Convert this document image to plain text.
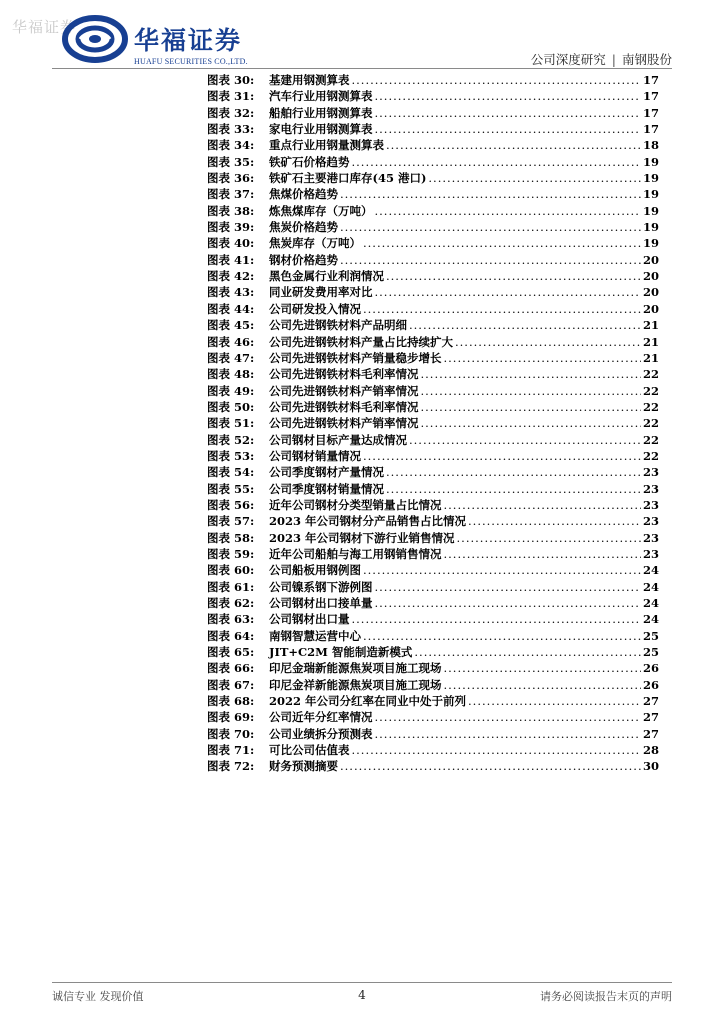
华福证券 华福证券
HUAFU SECURITIES CO.,LTD.	公司深度研究 | 南钢股份
图表 30:	基建用钢测算表 .....	17
图表 31:	汽车行业用钢测算表 .....	17
图表 32:	船舶行业用钢测算表 .....	17
图表 33:	家电行业用钢测算表 .....	17
图表 34:	重点行业用钢量测算表 .....	18
图表 35:	铁矿石价格趋势 .....	19
图表 36:	铁矿石主要港口库存(45 港口) .....	19
图表 37:	焦煤价格趋势 .....	19
图表 38:	炼焦煤库存（万吨） .....	19
图表 39:	焦炭价格趋势 .....	19
图表 40:	焦炭库存（万吨） .....	19
图表 41:	钢材价格趋势 .....	20
图表 42:	黑色金属行业利润情况 .....	20
图表 43:	同业研发费用率对比 .....	20
图表 44:	公司研发投入情况 .....	20
图表 45:	公司先进钢铁材料产品明细 .....	21
图表 46:	公司先进钢铁材料产量占比持续扩大 .....	21
图表 47:	公司先进钢铁材料产销量稳步增长 .....	21
图表 48:	公司先进钢铁材料毛利率情况 .....	22
图表 49:	公司先进钢铁材料产销率情况 .....	22
图表 50:	公司先进钢铁材料毛利率情况 .....	22
图表 51:	公司先进钢铁材料产销率情况 .....	22
图表 52:	公司钢材目标产量达成情况 .....	22
图表 53:	公司钢材销量情况 .....	22
图表 54:	公司季度钢材产量情况 .....	23
图表 55:	公司季度钢材销量情况 .....	23
图表 56:	近年公司钢材分类型销量占比情况 .....	23
图表 57:	2023 年公司钢材分产品销售占比情况 .....	23
图表 58:	2023 年公司钢材下游行业销售情况 .....	23
图表 59:	近年公司船舶与海工用钢销售情况 .....	23
图表 60:	公司船板用钢例图 .....	24
图表 61:	公司镍系钢下游例图 .....	24
图表 62:	公司钢材出口接单量 .....	24
图表 63:	公司钢材出口量 .....	24
图表 64:	南钢智慧运营中心 .....	25
图表 65:	JIT+C2M 智能制造新模式 .....	25
图表 66:	印尼金瑞新能源焦炭项目施工现场 .....	26
图表 67:	印尼金祥新能源焦炭项目施工现场 .....	26
图表 68:	2022 年公司分红率在同业中处于前列 .....	27
图表 69:	公司近年分红率情况 .....	27
图表 70:	公司业绩拆分预测表 .....	27
图表 71:	可比公司估值表 .....	28
图表 72:	财务预测摘要 .....	30
诚信专业 发现价值	4	请务必阅读报告末页的声明
